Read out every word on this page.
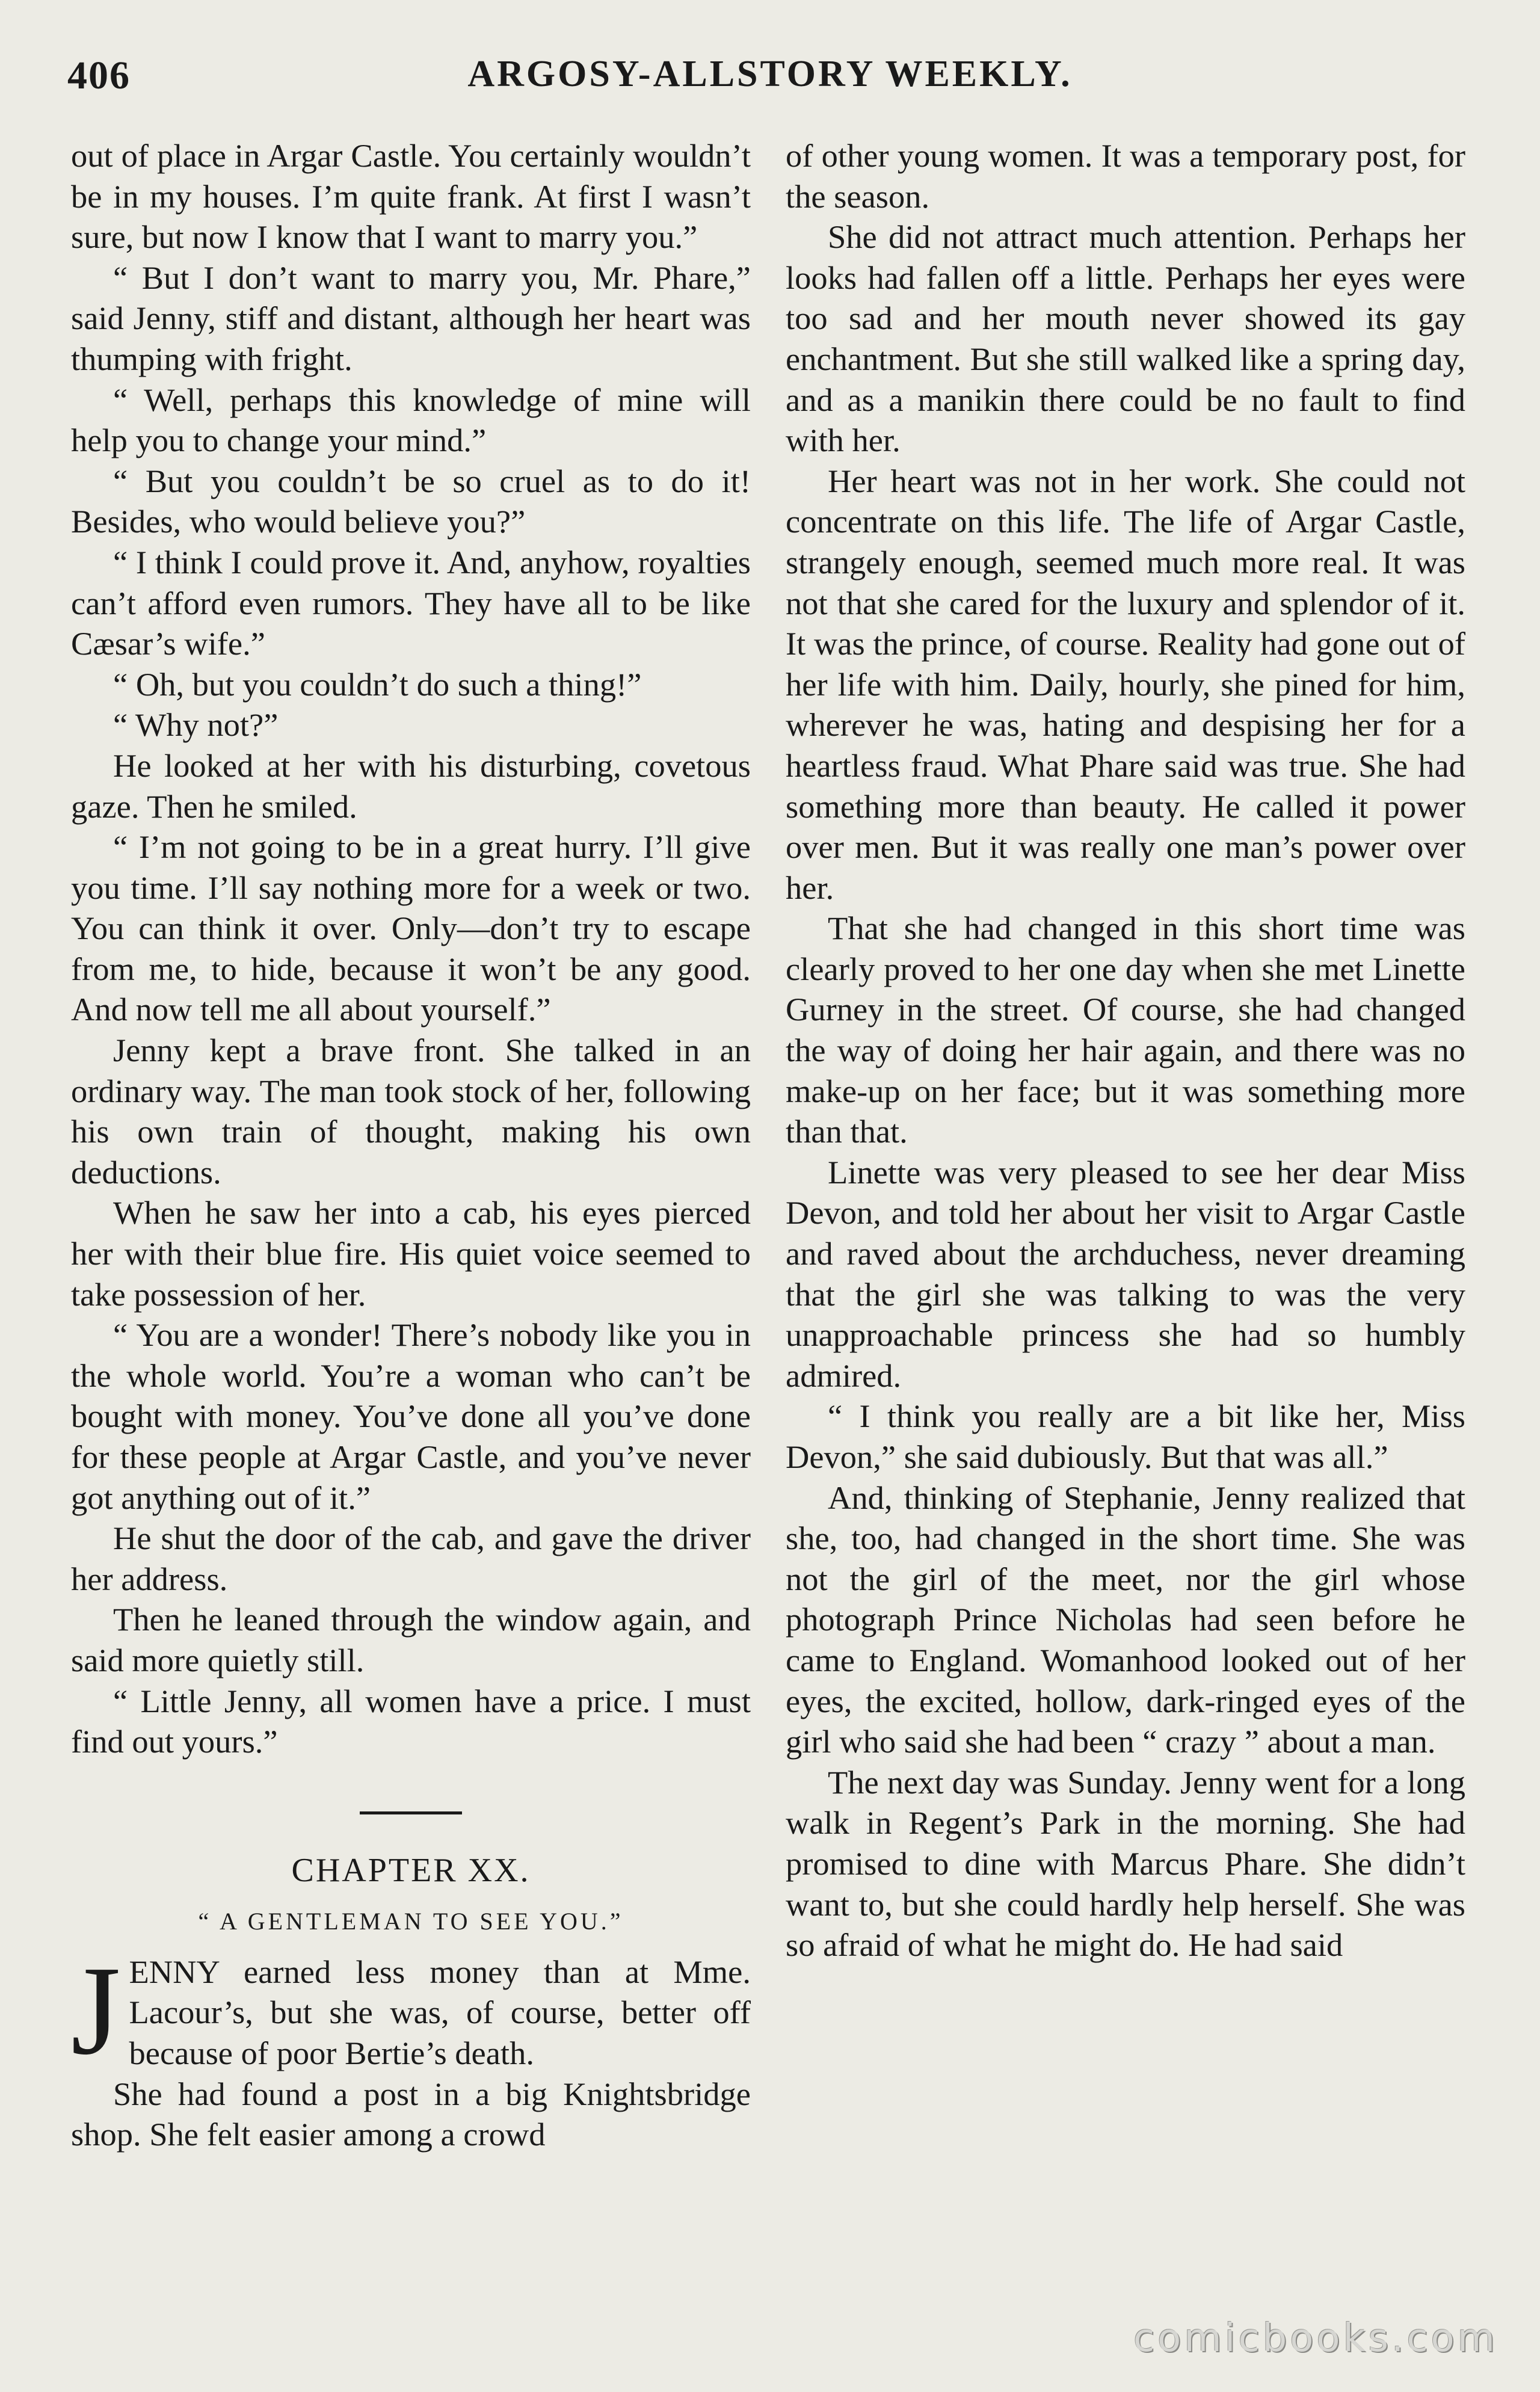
406	ARGOSY-ALLSTORY WEEKLY.

out of place in Argar Castle. You certainly wouldn’t be in my houses. I’m quite frank. At first I wasn’t sure, but now I know that I want to marry you.”

“ But I don’t want to marry you, Mr. Phare,” said Jenny, stiff and distant, although her heart was thumping with fright.

“ Well, perhaps this knowledge of mine will help you to change your mind.”

“ But you couldn’t be so cruel as to do it! Besides, who would believe you?”

“ I think I could prove it. And, anyhow, royalties can’t afford even rumors. They have all to be like Cæsar’s wife.”

“ Oh, but you couldn’t do such a thing!”

“ Why not?”

He looked at her with his disturbing, covetous gaze. Then he smiled.

“ I’m not going to be in a great hurry. I’ll give you time. I’ll say nothing more for a week or two. You can think it over. Only—don’t try to escape from me, to hide, because it won’t be any good. And now tell me all about yourself.”

Jenny kept a brave front. She talked in an ordinary way. The man took stock of her, following his own train of thought, making his own deductions.

When he saw her into a cab, his eyes pierced her with their blue fire. His quiet voice seemed to take possession of her.

“ You are a wonder! There’s nobody like you in the whole world. You’re a woman who can’t be bought with money. You’ve done all you’ve done for these people at Argar Castle, and you’ve never got anything out of it.”

He shut the door of the cab, and gave the driver her address.

Then he leaned through the window again, and said more quietly still.

“ Little Jenny, all women have a price. I must find out yours.”

CHAPTER XX.
“ A GENTLEMAN TO SEE YOU.”

JENNY earned less money than at Mme. Lacour’s, but she was, of course, better off because of poor Bertie’s death.

She had found a post in a big Knightsbridge shop. She felt easier among a crowd

of other young women. It was a temporary post, for the season.

She did not attract much attention. Perhaps her looks had fallen off a little. Perhaps her eyes were too sad and her mouth never showed its gay enchantment. But she still walked like a spring day, and as a manikin there could be no fault to find with her.

Her heart was not in her work. She could not concentrate on this life. The life of Argar Castle, strangely enough, seemed much more real. It was not that she cared for the luxury and splendor of it. It was the prince, of course. Reality had gone out of her life with him. Daily, hourly, she pined for him, wherever he was, hating and despising her for a heartless fraud. What Phare said was true. She had something more than beauty. He called it power over men. But it was really one man’s power over her.

That she had changed in this short time was clearly proved to her one day when she met Linette Gurney in the street. Of course, she had changed the way of doing her hair again, and there was no make-up on her face; but it was something more than that.

Linette was very pleased to see her dear Miss Devon, and told her about her visit to Argar Castle and raved about the archduchess, never dreaming that the girl she was talking to was the very unapproachable princess she had so humbly admired.

“ I think you really are a bit like her, Miss Devon,” she said dubiously. But that was all.”

And, thinking of Stephanie, Jenny realized that she, too, had changed in the short time. She was not the girl of the meet, nor the girl whose photograph Prince Nicholas had seen before he came to England. Womanhood looked out of her eyes, the excited, hollow, dark-ringed eyes of the girl who said she had been “ crazy ” about a man.

The next day was Sunday. Jenny went for a long walk in Regent’s Park in the morning. She had promised to dine with Marcus Phare. She didn’t want to, but she could hardly help herself. She was so afraid of what he might do. He had said

comicbooks.com
